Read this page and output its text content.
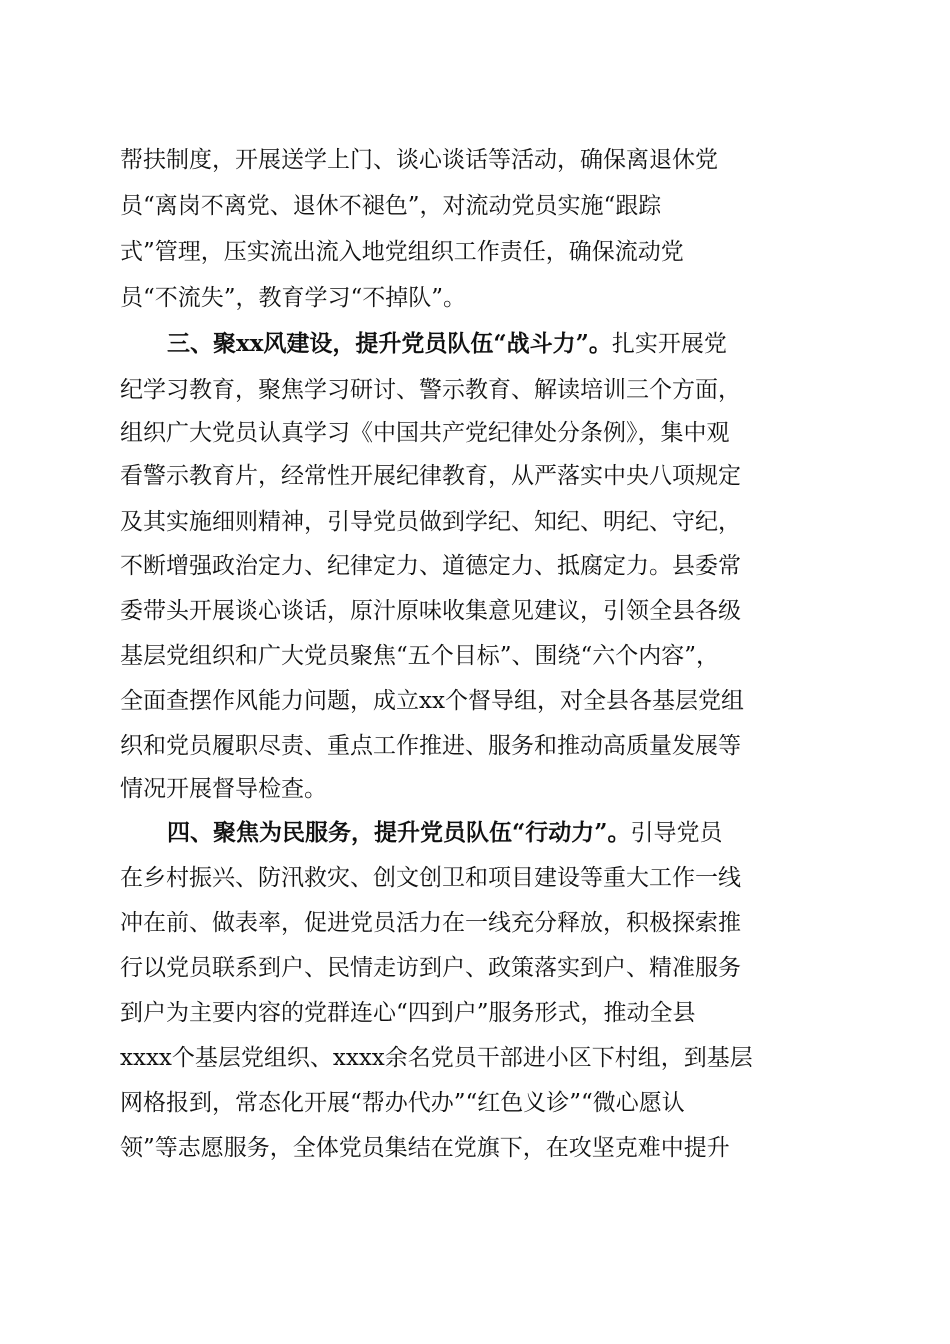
帮扶制度，开展送学上门、谈心谈话等活动，确保离退休党
员“离岗不离党、退休不褪色”，对流动党员实施“跟踪
式”管理，压实流出流入地党组织工作责任，确保流动党
员“不流失”，教育学习“不掉队”。
三、聚xx风建设，提升党员队伍“战斗力”。扎实开展党
纪学习教育，聚焦学习研讨、警示教育、解读培训三个方面，
组织广大党员认真学习《中国共产党纪律处分条例》，集中观
看警示教育片，经常性开展纪律教育，从严落实中央八项规定
及其实施细则精神，引导党员做到学纪、知纪、明纪、守纪，
不断增强政治定力、纪律定力、道德定力、抵腐定力。县委常
委带头开展谈心谈话，原汁原味收集意见建议，引领全县各级
基层党组织和广大党员聚焦“五个目标”、围绕“六个内容”，
全面查摆作风能力问题，成立xx个督导组，对全县各基层党组
织和党员履职尽责、重点工作推进、服务和推动高质量发展等
情况开展督导检查。
四、聚焦为民服务，提升党员队伍“行动力”。引导党员
在乡村振兴、防汛救灾、创文创卫和项目建设等重大工作一线
冲在前、做表率，促进党员活力在一线充分释放，积极探索推
行以党员联系到户、民情走访到户、政策落实到户、精准服务
到户为主要内容的党群连心“四到户”服务形式，推动全县
xxxx个基层党组织、xxxx余名党员干部进小区下村组，到基层
网格报到，常态化开展“帮办代办”“红色义诊”“微心愿认
领”等志愿服务，全体党员集结在党旗下，在攻坚克难中提升
